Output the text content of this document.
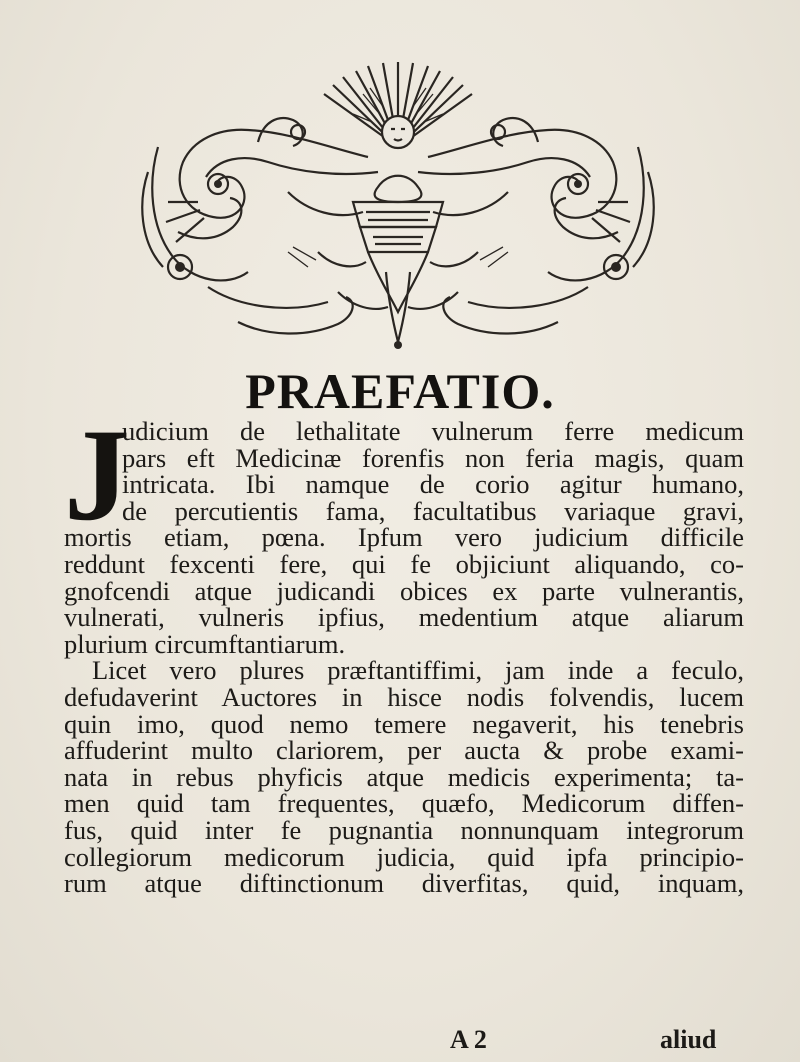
PRAEFATIO.
J
udicium de lethalitate vulnerum ferre medicum
pars eft Medicinæ forenfis non feria magis, quam
intricata. Ibi namque de corio agitur humano,
de percutientis fama, facultatibus variaque gravi,
mortis etiam, pœna. Ipfum vero judicium difficile
reddunt fexcenti fere, qui fe objiciunt aliquando, co-
gnofcendi atque judicandi obices ex parte vulnerantis,
vulnerati, vulneris ipfius, medentium atque aliarum
plurium circumftantiarum.
Licet vero plures præftantiffimi, jam inde a feculo,
defudaverint Auctores in hisce nodis folvendis, lucem
quin imo, quod nemo temere negaverit, his tenebris
affuderint multo clariorem, per aucta & probe exami-
nata in rebus phyficis atque medicis experimenta; ta-
men quid tam frequentes, quæfo, Medicorum diffen-
fus, quid inter fe pugnantia nonnunquam integrorum
collegiorum medicorum judicia, quid ipfa principio-
rum atque diftinctionum diverfitas, quid, inquam,
A 2	aliud
